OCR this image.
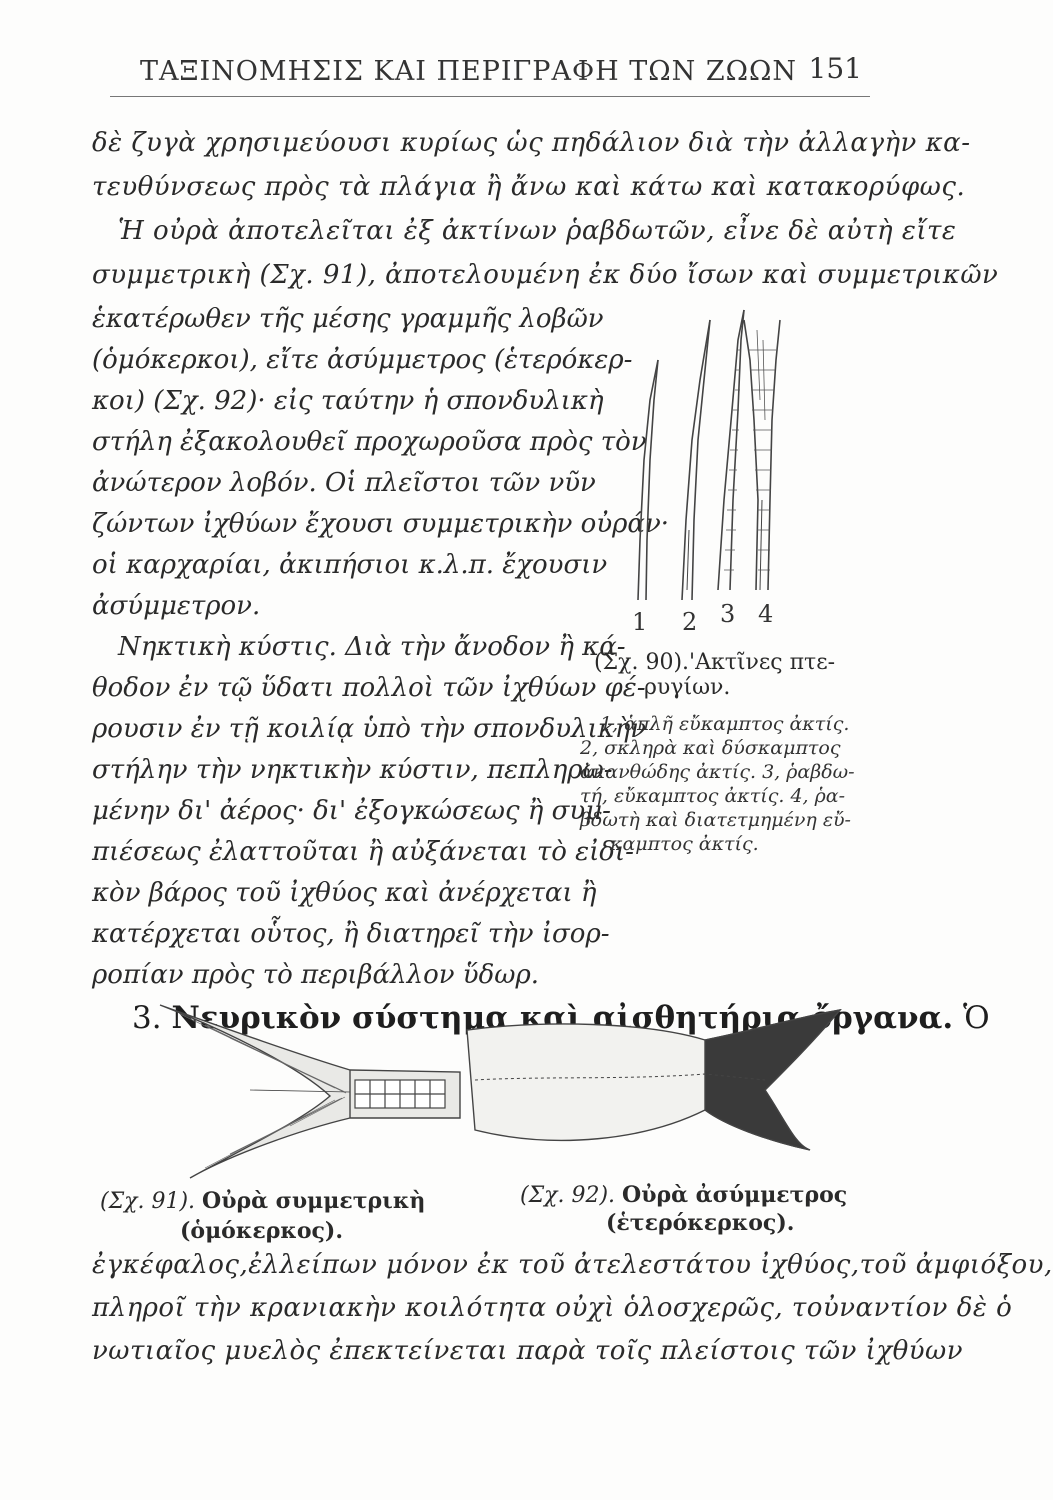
ΤΑΞΙΝΟΜΗΣΙΣ ΚΑΙ ΠΕΡΙΓΡΑΦΗ ΤΩΝ ΖΩΩΝ 151
δὲ ζυγὰ χρησιμεύουσι κυρίως ὡς πηδάλιον διὰ τὴν ἀλλαγὴν κα-
τευθύνσεως πρὸς τὰ πλάγια ἢ ἄνω καὶ κάτω καὶ κατακορύφως.
Ἡ οὐρὰ ἀποτελεῖται ἐξ ἀκτίνων ῥαβδωτῶν, εἶνε δὲ αὐτὴ εἴτε
συμμετρικὴ (Σχ. 91), ἀποτελουμένη ἐκ δύο ἴσων καὶ συμμετρικῶν
ἑκατέρωθεν τῆς μέσης γραμμῆς λοβῶν
(ὁμόκερκοι), εἴτε ἀσύμμετρος (ἑτερόκερ-
κοι) (Σχ. 92)· εἰς ταύτην ἡ σπονδυλικὴ
στήλη ἐξακολουθεῖ προχωροῦσα πρὸς τὸν
ἀνώτερον λοβόν. Οἱ πλεῖστοι τῶν νῦν
ζώντων ἰχθύων ἔχουσι συμμετρικὴν οὐράν·
οἱ καρχαρίαι, ἀκιπήσιοι κ.λ.π. ἔχουσιν
ἀσύμμετρον.
Νηκτικὴ κύστις. Διὰ τὴν ἄνοδον ἢ κά-
θοδον ἐν τῷ ὕδατι πολλοὶ τῶν ἰχθύων φέ-
ρουσιν ἐν τῇ κοιλίᾳ ὑπὸ τὴν σπονδυλικὴν
στήλην τὴν νηκτικὴν κύστιν, πεπληρω-
μένην δι' ἀέρος· δι' ἐξογκώσεως ἢ συμ-
πιέσεως ἐλαττοῦται ἢ αὐξάνεται τὸ εἰδι-
κὸν βάρος τοῦ ἰχθύος καὶ ἀνέρχεται ἢ
κατέρχεται οὗτος, ἢ διατηρεῖ τὴν ἰσορ-
1 2 3 4
(Σχ. 90).'Ακτῖνες πτε-
ρυγίων.
1, ἁπλῆ εὔκαμπτος ἀκτίς.
2, σκληρὰ καὶ δύσκαμπτος
ἀκανθώδης ἀκτίς. 3, ῥαβδω-
τή, εὔκαμπτος ἀκτίς. 4, ῥα-
βδωτὴ καὶ διατετμημένη εὔ-
καμπτος ἀκτίς.
ροπίαν πρὸς τὸ περιβάλλον ὕδωρ.
3. Νευρικὸν σύστημα καὶ αἰσθητήρια ὄργανα. Ὁ
(Σχ. 91). Οὐρὰ συμμετρικὴ
(ὁμόκερκος).
(Σχ. 92). Οὐρὰ ἀσύμμετρος
(ἑτερόκερκος).
ἐγκέφαλος,ἐλλείπων μόνον ἐκ τοῦ ἀτελεστάτου ἰχθύος,τοῦ ἀμφιόξου,
πληροῖ τὴν κρανιακὴν κοιλότητα οὐχὶ ὁλοσχερῶς, τοὐναντίον δὲ ὁ
νωτιαῖος μυελὸς ἐπεκτείνεται παρὰ τοῖς πλείστοις τῶν ἰχθύων
